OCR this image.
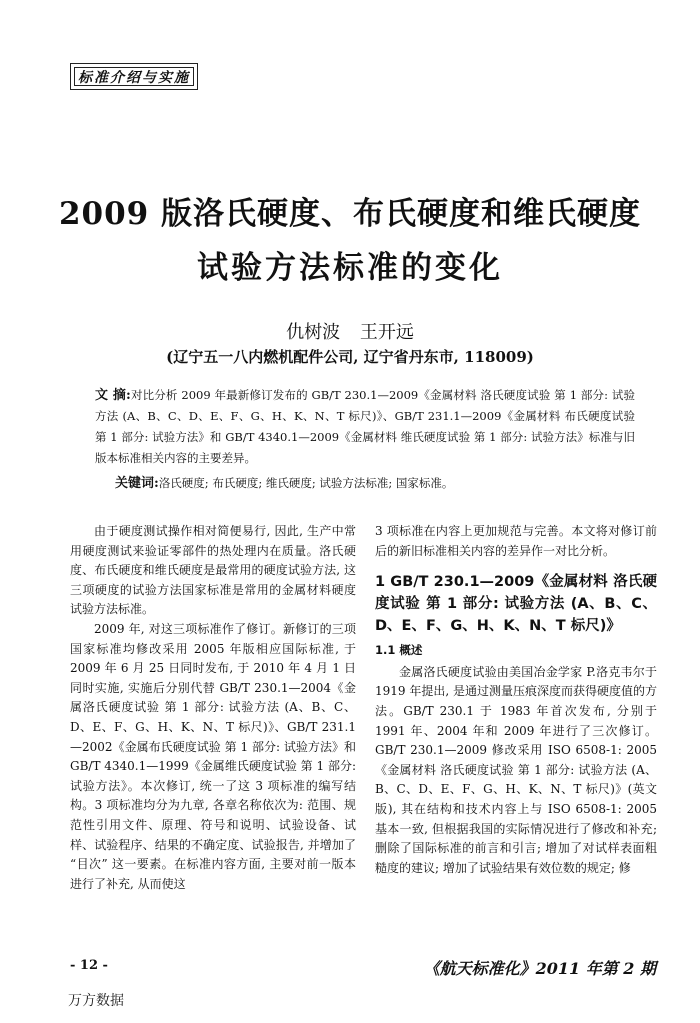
标准介绍与实施
2009 版洛氏硬度、布氏硬度和维氏硬度
试验方法标准的变化
仇树波 王开远
(辽宁五一八内燃机配件公司, 辽宁省丹东市, 118009)
文 摘:对比分析 2009 年最新修订发布的 GB/T 230.1—2009《金属材料 洛氏硬度试验 第 1 部分: 试验方法 (A、B、C、D、E、F、G、H、K、N、T 标尺)》、GB/T 231.1—2009《金属材料 布氏硬度试验 第 1 部分: 试验方法》和 GB/T 4340.1—2009《金属材料 维氏硬度试验 第 1 部分: 试验方法》标准与旧版本标准相关内容的主要差异。
关键词:洛氏硬度; 布氏硬度; 维氏硬度; 试验方法标准; 国家标准。

由于硬度测试操作相对简便易行, 因此, 生产中常用硬度测试来验证零部件的热处理内在质量。洛氏硬度、布氏硬度和维氏硬度是最常用的硬度试验方法, 这三项硬度的试验方法国家标准是常用的金属材料硬度试验方法标准。

2009 年, 对这三项标准作了修订。新修订的三项国家标准均修改采用 2005 年版相应国际标准, 于 2009 年 6 月 25 日同时发布, 于 2010 年 4 月 1 日同时实施, 实施后分别代替 GB/T 230.1—2004《金属洛氏硬度试验 第 1 部分: 试验方法 (A、B、C、D、E、F、G、H、K、N、T 标尺)》、GB/T 231.1—2002《金属布氏硬度试验 第 1 部分: 试验方法》和 GB/T 4340.1—1999《金属维氏硬度试验 第 1 部分: 试验方法》。本次修订, 统一了这 3 项标准的编写结构。3 项标准均分为九章, 各章名称依次为: 范围、规范性引用文件、原理、符号和说明、试验设备、试样、试验程序、结果的不确定度、试验报告, 并增加了 “目次” 这一要素。在标准内容方面, 主要对前一版本进行了补充, 从而使这

3 项标准在内容上更加规范与完善。本文将对修订前后的新旧标准相关内容的差异作一对比分析。

1 GB/T 230.1—2009《金属材料 洛氏硬度试验 第 1 部分: 试验方法 (A、B、C、D、E、F、G、H、K、N、T 标尺)》
1.1 概述

金属洛氏硬度试验由美国冶金学家 P.洛克韦尔于 1919 年提出, 是通过测量压痕深度而获得硬度值的方法。GB/T 230.1 于 1983 年首次发布, 分别于 1991 年、2004 年和 2009 年进行了三次修订。GB/T 230.1—2009 修改采用 ISO 6508-1: 2005《金属材料 洛氏硬度试验 第 1 部分: 试验方法 (A、B、C、D、E、F、G、H、K、N、T 标尺)》(英文版), 其在结构和技术内容上与 ISO 6508-1: 2005 基本一致, 但根据我国的实际情况进行了修改和补充; 删除了国际标准的前言和引言; 增加了对试样表面粗糙度的建议; 增加了试验结果有效位数的规定; 修

- 12 -	《航天标准化》2011 年第 2 期
万方数据
